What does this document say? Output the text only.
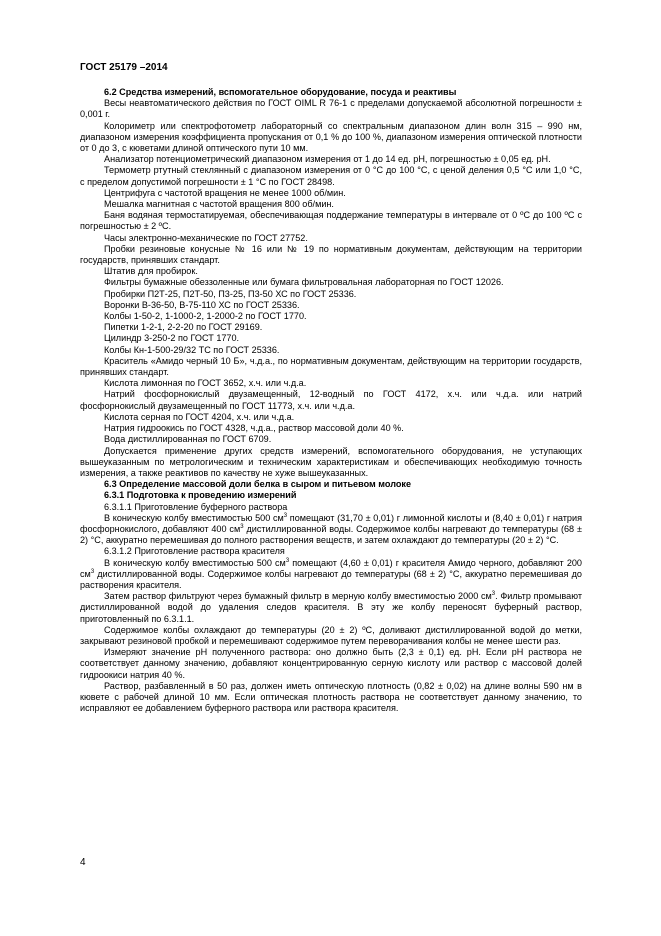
ГОСТ 25179 –2014

6.2 Средства измерений, вспомогательное оборудование, посуда и реактивы

Весы неавтоматического действия по ГОСТ OIML R 76-1 с пределами допускаемой абсолютной погрешности ± 0,001 г.

Колориметр или спектрофотометр лабораторный со спектральным диапазоном длин волн 315 – 990 нм, диапазоном измерения коэффициента пропускания от 0,1 % до 100 %, диапазоном измерения оптической плотности от 0 до 3, с кюветами длиной оптического пути 10 мм.

Анализатор потенциометрический диапазоном измерения от 1 до 14 ед. рН, погрешностью ± 0,05 ед. рН.

Термометр ртутный стеклянный с диапазоном измерения от 0 °С до 100 °С, с ценой деления 0,5 °С или 1,0 °С, с пределом допустимой погрешности ± 1 °С по ГОСТ 28498.

Центрифуга с частотой вращения не менее 1000 об/мин.

Мешалка магнитная с частотой вращения 800 об/мин.

Баня водяная термостатируемая, обеспечивающая поддержание температуры в интервале от 0 ºС до 100 ºС с погрешностью ± 2 ºС.

Часы электронно-механические по ГОСТ 27752.

Пробки резиновые конусные № 16 или № 19 по нормативным документам, действующим на территории государств, принявших стандарт.

Штатив для пробирок.

Фильтры бумажные обеззоленные или бумага фильтровальная лабораторная по ГОСТ 12026.

Пробирки П2Т-25, П2Т-50, П3-25, П3-50 ХС по ГОСТ 25336.

Воронки В-36-50, В-75-110 ХС по ГОСТ 25336.

Колбы 1-50-2, 1-1000-2, 1-2000-2 по ГОСТ 1770.

Пипетки 1-2-1, 2-2-20 по ГОСТ 29169.

Цилиндр 3-250-2 по ГОСТ 1770.

Колбы Кн-1-500-29/32 ТС по ГОСТ 25336.

Краситель «Амидо черный 10 Б», ч.д.а., по нормативным документам, действующим на территории государств, принявших стандарт.

Кислота лимонная по ГОСТ 3652, х.ч. или ч.д.а.

Натрий фосфорнокислый двузамещенный, 12-водный по ГОСТ 4172, х.ч. или ч.д.а. или натрий фосфорнокислый двузамещенный по ГОСТ 11773, х.ч. или ч.д.а.

Кислота серная по ГОСТ 4204, х.ч. или ч.д.а.

Натрия гидроокись по ГОСТ 4328, ч.д.а., раствор массовой доли 40 %.

Вода дистиллированная по ГОСТ 6709.

Допускается применение других средств измерений, вспомогательного оборудования, не уступающих вышеуказанным по метрологическим и техническим характеристикам и обеспечивающих необходимую точность измерения, а также реактивов по качеству не хуже вышеуказанных.

6.3 Определение массовой доли белка в сыром и питьевом молоке

6.3.1 Подготовка к проведению измерений

6.3.1.1 Приготовление буферного раствора

В коническую колбу вместимостью 500 $см^3$ помещают (31,70 ± 0,01) г лимонной кислоты и (8,40 ± 0,01) г натрия фосфорнокислого, добавляют 400 $см^3$ дистиллированной воды. Содержимое колбы нагревают до температуры (68 ± 2) °С, аккуратно перемешивая до полного растворения веществ, и затем охлаждают до температуры (20 ± 2) °С.

6.3.1.2 Приготовление раствора красителя

В коническую колбу вместимостью 500 $см^3$ помещают (4,60 ± 0,01) г красителя Амидо черного, добавляют 200 $см^3$ дистиллированной воды. Содержимое колбы нагревают до температуры (68 ± 2) °С, аккуратно перемешивая до растворения красителя.

Затем раствор фильтруют через бумажный фильтр в мерную колбу вместимостью 2000 $см^3$. Фильтр промывают дистиллированной водой до удаления следов красителя. В эту же колбу переносят буферный раствор, приготовленный по 6.3.1.1.

Содержимое колбы охлаждают до температуры (20 ± 2) ºС, доливают дистиллированной водой до метки, закрывают резиновой пробкой и перемешивают содержимое путем переворачивания колбы не менее шести раз.

Измеряют значение рН полученного раствора: оно должно быть (2,3 ± 0,1) ед. рН. Если рН раствора не соответствует данному значению, добавляют концентрированную серную кислоту или раствор с массовой долей гидроокиси натрия 40 %.

Раствор, разбавленный в 50 раз, должен иметь оптическую плотность (0,82 ± 0,02) на длине волны 590 нм в кювете с рабочей длиной 10 мм. Если оптическая плотность раствора не соответствует данному значению, то исправляют ее добавлением буферного раствора или раствора красителя.

4
